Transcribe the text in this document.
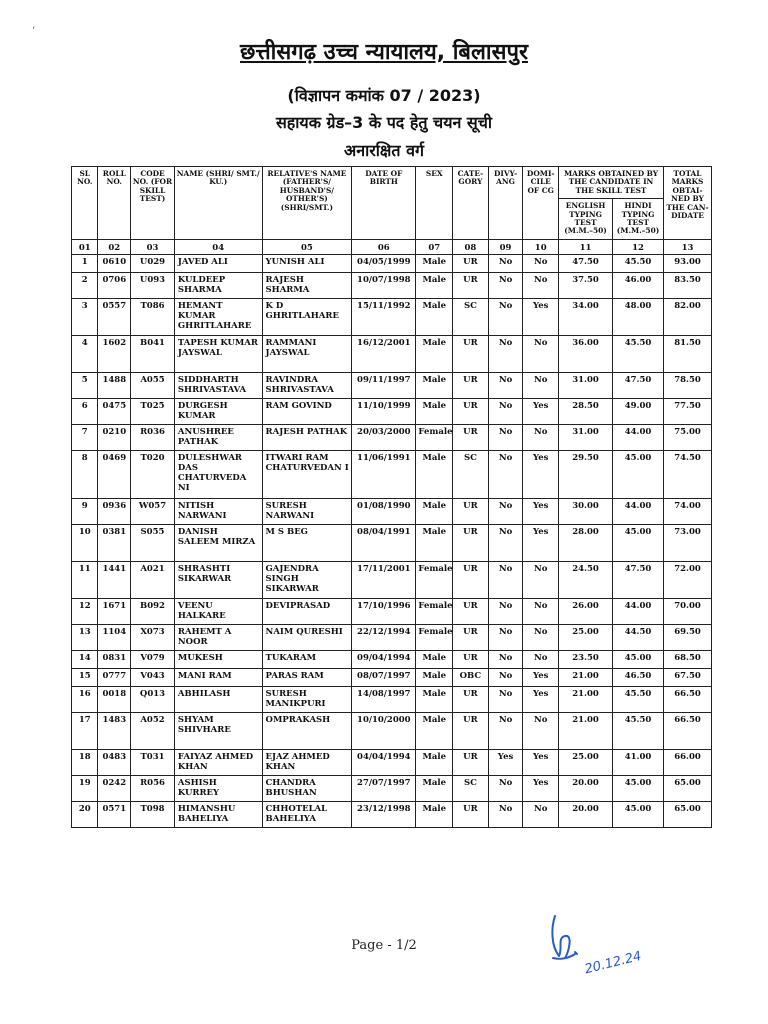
छत्तीसगढ़ उच्च न्यायालय, बिलासपुर
(विज्ञापन कमांक 07 / 2023)
सहायक ग्रेड–3 के पद हेतु चयन सूची
अनारक्षित वर्ग
’
SL NO.	ROLL NO.	CODE NO. (FOR SKILL TEST)	NAME (SHRI/ SMT./ KU.)	RELATIVE'S NAME (FATHER'S/ HUSBAND'S/ OTHER'S) (SHRI/SMT.)	DATE OF BIRTH	SEX	CATE-GORY	DIVY-ANG	DOMI-CILE OF CG	MARKS OBTAINED BY THE CANDIDATE IN THE SKILL TEST		TOTAL MARKS OBTAI-NED BY THE CAN-DIDATE
										ENGLISH TYPING TEST (M.M.–50)	HINDI TYPING TEST (M.M.–50)	
01	02	03	04	05	06	07	08	09	10	11	12	13
1	0610	U029	JAVED ALI	YUNISH ALI	04/05/1999	Male	UR	No	No	47.50	45.50	93.00
2	0706	U093	KULDEEP SHARMA	RAJESH SHARMA	10/07/1998	Male	UR	No	No	37.50	46.00	83.50
3	0557	T086	HEMANT KUMAR GHRITLAHARE	K D GHRITLAHARE	15/11/1992	Male	SC	No	Yes	34.00	48.00	82.00
4	1602	B041	TAPESH KUMAR JAYSWAL	RAMMANI JAYSWAL	16/12/2001	Male	UR	No	No	36.00	45.50	81.50
5	1488	A055	SIDDHARTH SHRIVASTAVA	RAVINDRA SHRIVASTAVA	09/11/1997	Male	UR	No	No	31.00	47.50	78.50
6	0475	T025	DURGESH KUMAR	RAM GOVIND	11/10/1999	Male	UR	No	Yes	28.50	49.00	77.50
7	0210	R036	ANUSHREE PATHAK	RAJESH PATHAK	20/03/2000	Female	UR	No	No	31.00	44.00	75.00
8	0469	T020	DULESHWAR DAS CHATURVEDA NI	ITWARI RAM CHATURVEDAN I	11/06/1991	Male	SC	No	Yes	29.50	45.00	74.50
9	0936	W057	NITISH NARWANI	SURESH NARWANI	01/08/1990	Male	UR	No	Yes	30.00	44.00	74.00
10	0381	S055	DANISH SALEEM MIRZA	M S BEG	08/04/1991	Male	UR	No	Yes	28.00	45.00	73.00
11	1441	A021	SHRASHTI SIKARWAR	GAJENDRA SINGH SIKARWAR	17/11/2001	Female	UR	No	No	24.50	47.50	72.00
12	1671	B092	VEENU HALKARE	DEVIPRASAD	17/10/1996	Female	UR	No	No	26.00	44.00	70.00
13	1104	X073	RAHEMT A NOOR	NAIM QURESHI	22/12/1994	Female	UR	No	No	25.00	44.50	69.50
14	0831	V079	MUKESH	TUKARAM	09/04/1994	Male	UR	No	No	23.50	45.00	68.50
15	0777	V043	MANI RAM	PARAS RAM	08/07/1997	Male	OBC	No	Yes	21.00	46.50	67.50
16	0018	Q013	ABHILASH	SURESH MANIKPURI	14/08/1997	Male	UR	No	Yes	21.00	45.50	66.50
17	1483	A052	SHYAM SHIVHARE	OMPRAKASH	10/10/2000	Male	UR	No	No	21.00	45.50	66.50
18	0483	T031	FAIYAZ AHMED KHAN	EJAZ AHMED KHAN	04/04/1994	Male	UR	Yes	Yes	25.00	41.00	66.00
19	0242	R056	ASHISH KURREY	CHANDRA BHUSHAN	27/07/1997	Male	SC	No	Yes	20.00	45.00	65.00
20	0571	T098	HIMANSHU BAHELIYA	CHHOTELAL BAHELIYA	23/12/1998	Male	UR	No	No	20.00	45.00	65.00
Page - 1/2
20.12.24
